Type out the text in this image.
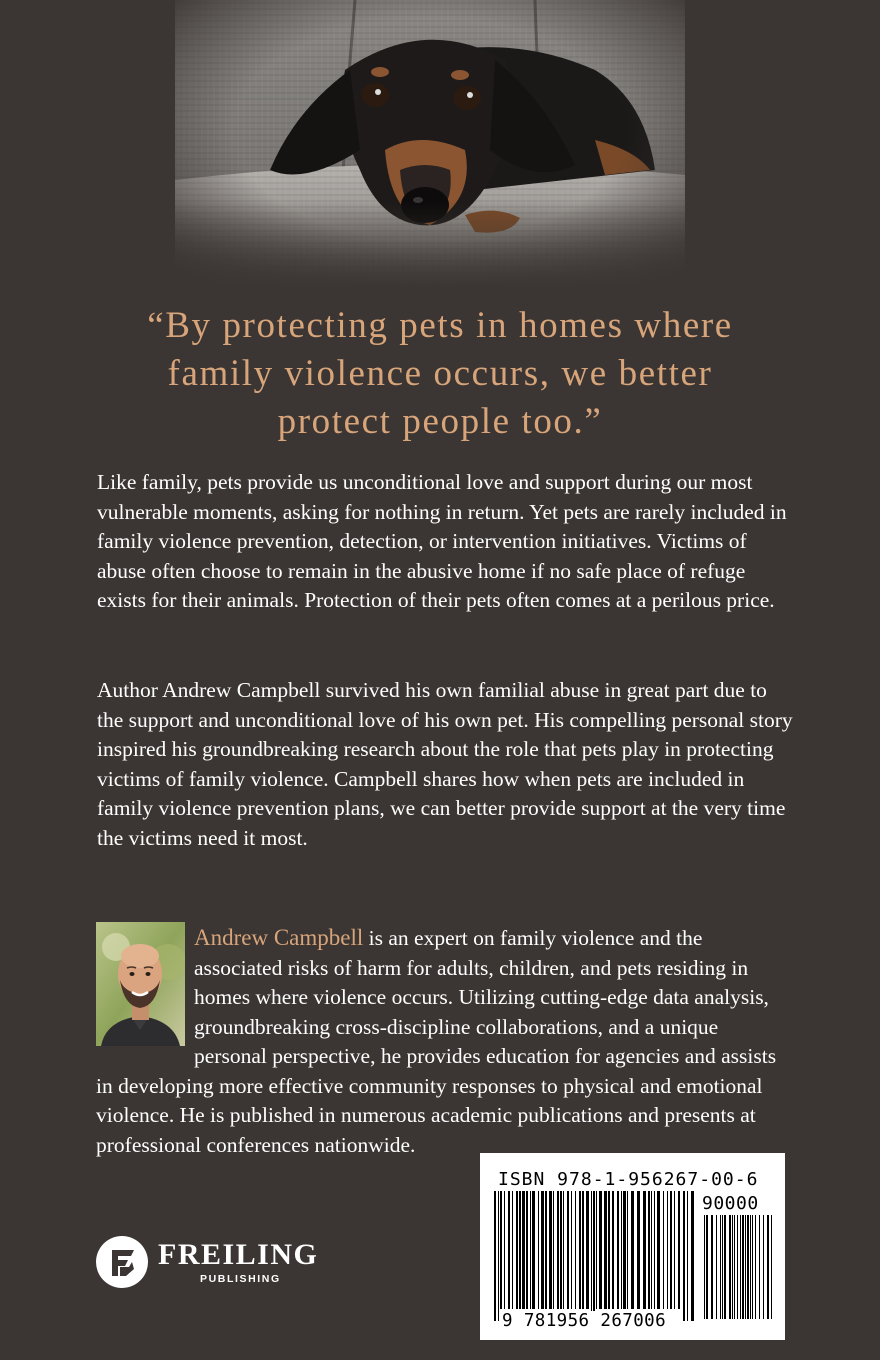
“By protecting pets in homes where
family violence occurs, we better
protect people too.”

Like family, pets provide us unconditional love and support during our most vulnerable moments, asking for nothing in return. Yet pets are rarely included in family violence prevention, detection, or intervention initiatives. Victims of abuse often choose to remain in the abusive home if no safe place of refuge exists for their animals. Protection of their pets often comes at a perilous price.

Author Andrew Campbell survived his own familial abuse in great part due to the support and unconditional love of his own pet. His compelling personal story inspired his groundbreaking research about the role that pets play in protecting victims of family violence. Campbell shares how when pets are included in family violence prevention plans, we can better provide support at the very time the victims need it most.

Andrew Campbell is an expert on family violence and the associated risks of harm for adults, children, and pets residing in homes where violence occurs. Utilizing cutting-edge data analysis, groundbreaking cross-discipline collaborations, and a unique personal perspective, he provides education for agencies and assists in developing more effective community responses to physical and emotional violence. He is published in numerous academic publications and presents at professional conferences nationwide.

FREILING
PUBLISHING

ISBN 978-1-956267-00-6

90000

9 781956 267006
